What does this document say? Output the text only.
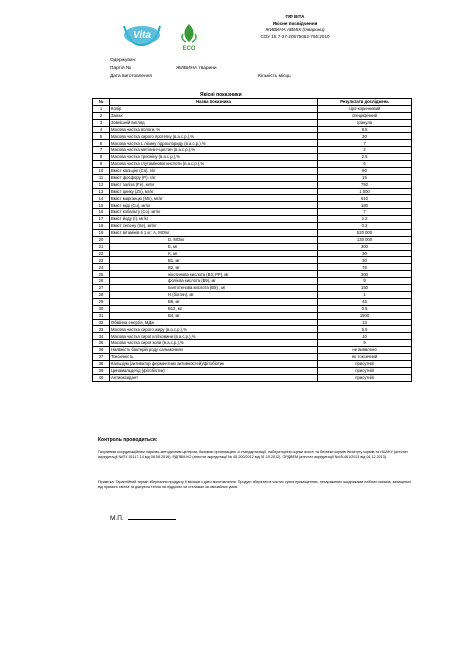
Vita
ECO
ПФ ВІТА
Якісне посвідчення
ЖИВИНА АВМІХ (тварини)
СОУ 15.7-37-20575062-755:2010
Одержувач:
Партія №	ЖИВИНА тварини
Дата виготовлення	Кількість місць
Якісні показники
№	Назва показника	Результати досліджень
1	Колір	сіро-коричневий
2	Запах	специфічний
3	Зовнішній вигляд	гранула
4	Масова частка вологи, %	8.5
5	Масова частка сирого протеїну (в.а.с.р.),%	30
6	Масова частка L лізину гідрохлориду (в.а.с.р.),%	7
7	Масова частка метіонін+цистин (в.а.с.р.),%	2
8	Масова частка треоніну (в.а.с.р.),%	2.5
9	Масова частка глутамінової кислоти (в.а.с.р.),%	6
10	Вміст кальцію (Ca), г/кг	60
11	Вміст фосфору (P), г/кг	15
12	Вміст заліза (Fe), мг/кг	750
13	Вміст цинку (Zn), мг/кг	1 000
14	Вміст марганцю (Mn), мг/кг	610
15	Вміст міді (Cu), мг/кг	180
16	Вміст кобальту (Co), мг/кг	7
17	Вміст йоду (I), мг/кг	2.2
18	Вміст селену (Se), мг/кг	0.2
19	Вміст вітамінів в 1 кг: А, МО/кг	520 000
20	D, МО/кг	130 000
21	E, мг	300
22	K, мг	30
23	B1, мг	30
24	B2, мг	75
25	нікотинова кислота (B3; PP), мг	300
26	фолієва кислота (B9), мг	9
27	пантотенова кислота (B5) , мг	150
28	H (біотин), мг	1
29	B6, мг	45
30	B12, мг	0.5
31	B4, мг	1500
32	Обмінна енергія, МДж	13
33	Масова частка сирого жиру (в.а.с.р.),%	5.5
34	Масова частка сирої клітковини (в.а.с.р.),%	10
35	Масова частка сирої золи (в.а.с.р.),%	9
36	Наявність бактерій роду сальмонели	не виявлено
37	Токсичність	не токсичний
38	Кальціум (активатор ферментних активностей)/фітобіотик	присутній
39	Цинамальдегід (фітобіотик)	присутній
40	Антиоксидант	присутній
Контроль проводиться:
Галузевим координаційним науково-методичним центром, базовою організацією зі стандартизації, лабораторією оцінки якості та безпеки кормів Інституту кормів та НААНУ (атестат акредитації №ПУ-01117-14 від 08.08.2016), РДПВМ КО (атестат акредитації № 45-200/2012 від 01.10.2012), ОРДВЕМ (атестат акредитації №45-461/2013 від 04.12.2013).
Примітка: Гарантійний термін зберігання продукту 9 місяців з дати виготовлення. Продукт зберігати в чистих сухих приміщеннях, незаражених шкідниками хлібних запасів, захищених від прямого світла та джерела тепла на піддонах чи стелажах за звичайних умов.
М.П.
